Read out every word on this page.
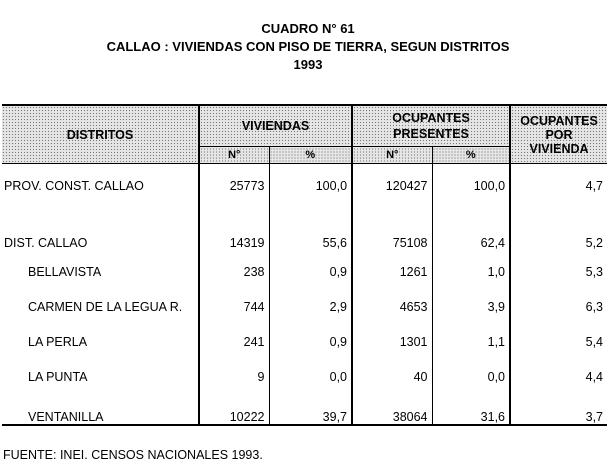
CUADRO N° 61
CALLAO : VIVIENDAS CON PISO DE TIERRA, SEGUN DISTRITOS
1993
DISTRITOS	VIVIENDAS		OCUPANTES PRESENTES		OCUPANTES
POR
VIVIENDA

	N°	%	N°	%	
PROV. CONST. CALLAO	25773	100,0	120427	100,0	4,7
DIST. CALLAO	14319	55,6	75108	62,4	5,2
BELLAVISTA	238	0,9	1261	1,0	5,3
CARMEN DE LA LEGUA R.	744	2,9	4653	3,9	6,3
LA PERLA	241	0,9	1301	1,1	5,4
LA PUNTA	9	0,0	40	0,0	4,4
VENTANILLA	10222	39,7	38064	31,6	3,7
FUENTE: INEI. CENSOS NACIONALES 1993.
